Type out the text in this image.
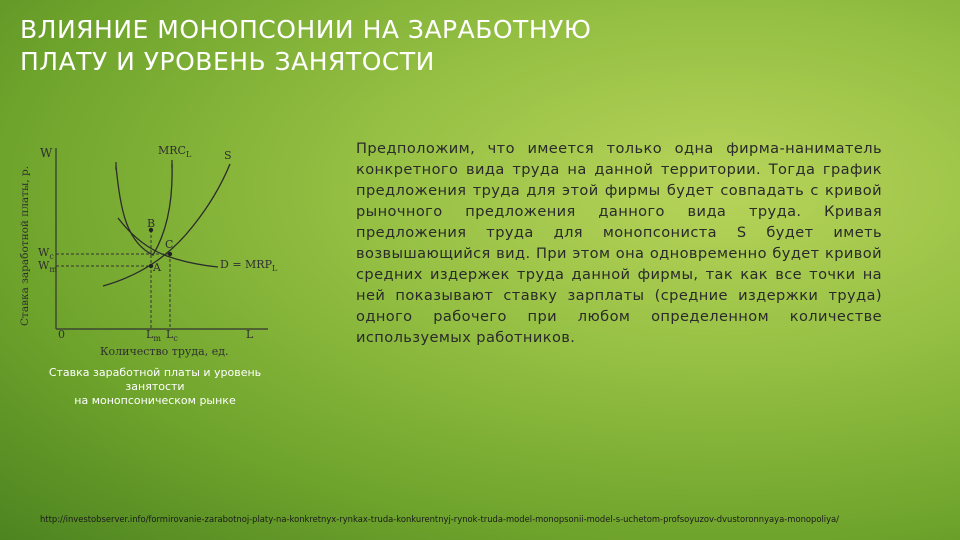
ВЛИЯНИЕ МОНОПСОНИИ НА ЗАРАБОТНУЮ
ПЛАТУ И УРОВЕНЬ ЗАНЯТОСТИ
Ставка заработной платы, р.
W
0	L
Количество труда, ед.
$MRC_L$	S
$D = MRP_L$
B
C
A
$W_c$
$W_m$
$L_m$ $L_c$
Ставка заработной платы и уровень занятости
на монопсоническом рынке
Предположим, что имеется только одна фирма-наниматель конкретного вида труда на данной территории. Тогда график предложения труда для этой фирмы будет совпадать с кривой рыночного предложения данного вида труда. Кривая предложения труда для монопсониста S будет иметь возвышающийся вид. При этом она одновременно будет кривой средних издержек труда данной фирмы, так как все точки на ней показывают ставку зарплаты (средние издержки труда) одного рабочего при любом определенном количестве используемых работников.
http://investobserver.info/formirovanie-zarabotnoj-platy-na-konkretnyx-rynkax-truda-konkurentnyj-rynok-truda-model-monopsonii-model-s-uchetom-profsoyuzov-dvustoronnyaya-monopoliya/
